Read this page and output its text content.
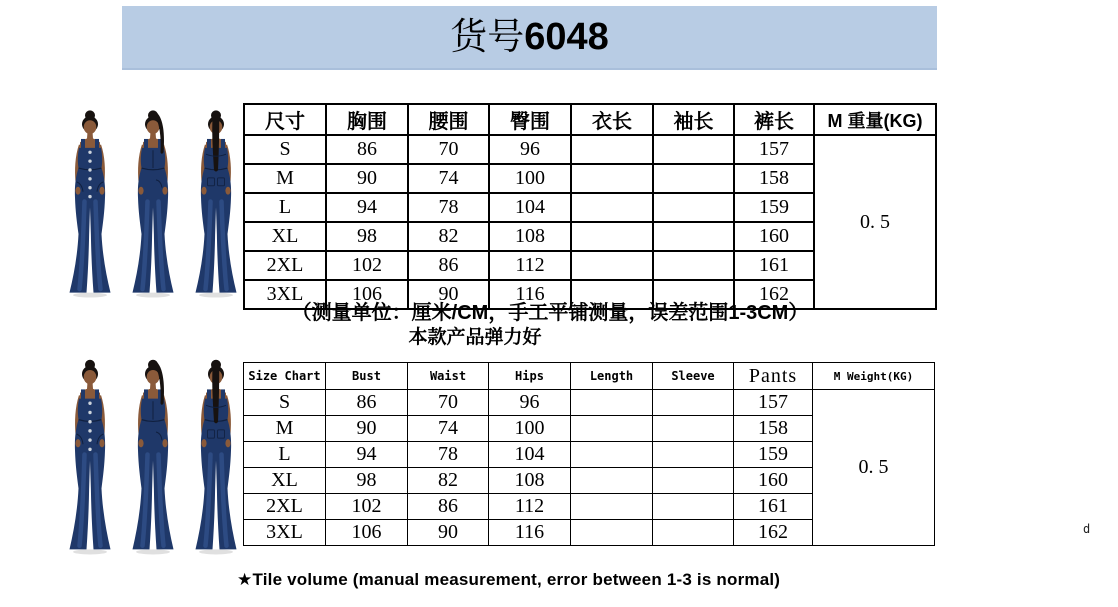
货号 6048
尺寸	胸围	腰围	臀围	衣长	袖长	裤长	M 重量(KG)
S	86	70	96			157	0. 5
M	90	74	100			158	
L	94	78	104			159	
XL	98	82	108			160	
2XL	102	86	112			161	
3XL	106	90	116			162	
（测量单位：厘米/CM，手工平铺测量，误差范围1-3CM）
本款产品弹力好
Size Chart	Bust	Waist	Hips	Length	Sleeve	Pants	M Weight(KG)
S	86	70	96			157	0. 5
M	90	74	100			158	
L	94	78	104			159	
XL	98	82	108			160	
2XL	102	86	112			161	
3XL	106	90	116			162	
★Tile volume (manual measurement, error between 1-3 is normal)
d
